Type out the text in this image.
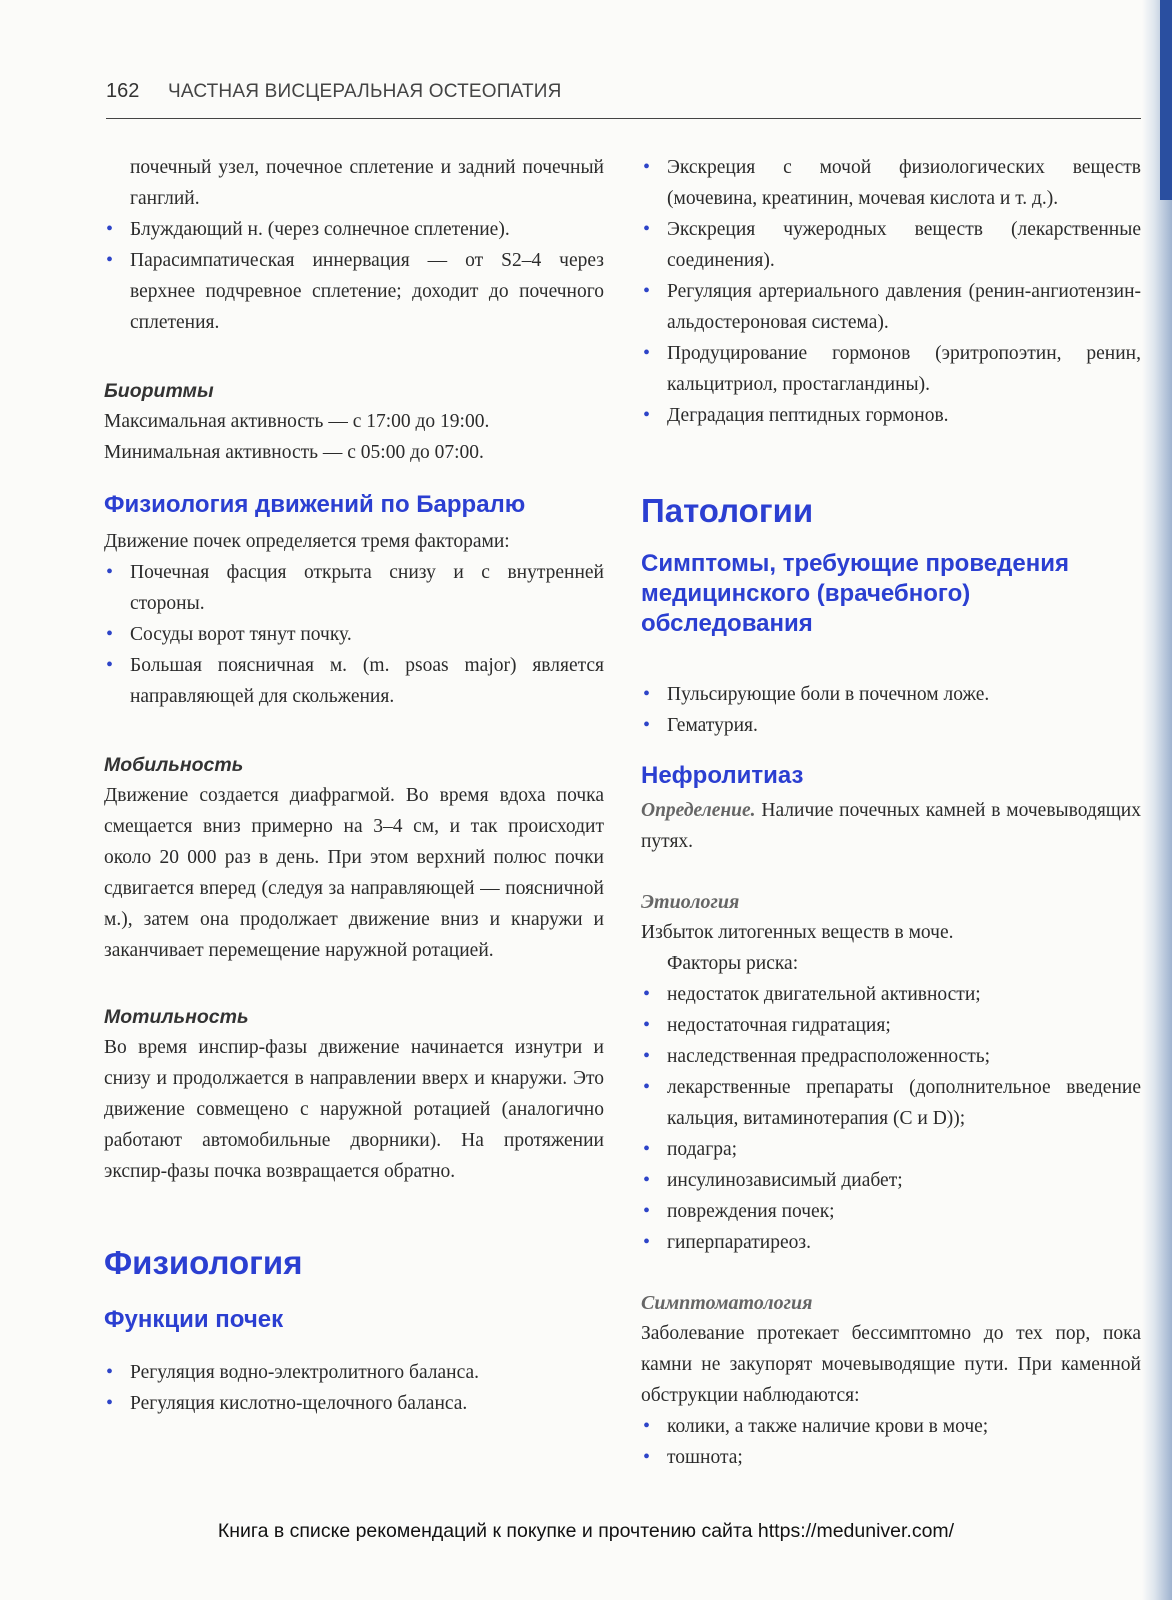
162 ЧАСТНАЯ ВИСЦЕРАЛЬНАЯ ОСТЕОПАТИЯ

почечный узел, почечное сплетение и задний почечный ганглий.

• Блуждающий н. (через солнечное сплетение).
• Парасимпатическая иннервация — от S2–4 через верхнее подчревное сплетение; доходит до почечного сплетения.
Биоритмы

Максимальная активность — с 17:00 до 19:00.

Минимальная активность — с 05:00 до 07:00.

Физиология движений по Барралю

Движение почек определяется тремя факторами:

• Почечная фасция открыта снизу и с внутренней стороны.
• Сосуды ворот тянут почку.
• Большая поясничная м. (m. psoas major) является направляющей для скольжения.
Мобильность

Движение создается диафрагмой. Во время вдоха почка смещается вниз примерно на 3–4 см, и так происходит около 20 000 раз в день. При этом верхний полюс почки сдвигается вперед (следуя за направляющей — поясничной м.), затем она продолжает движение вниз и кнаружи и заканчивает перемещение наружной ротацией.

Мотильность

Во время инспир-фазы движение начинается изнутри и снизу и продолжается в направлении вверх и кнаружи. Это движение совмещено с наружной ротацией (аналогично работают автомобильные дворники). На протяжении экспир-фазы почка возвращается обратно.

Физиология
Функции почек
• Регуляция водно-электролитного баланса.
• Регуляция кислотно-щелочного баланса.
• Экскреция с мочой физиологических веществ (мочевина, креатинин, мочевая кислота и т. д.).
• Экскреция чужеродных веществ (лекарственные соединения).
• Регуляция артериального давления (ренин-ангиотензин-альдостероновая система).
• Продуцирование гормонов (эритропоэтин, ренин, кальцитриол, простагландины).
• Деградация пептидных гормонов.
Патологии
Симптомы, требующие проведения медицинского (врачебного) обследования
• Пульсирующие боли в почечном ложе.
• Гематурия.
Нефролитиаз

Определение. Наличие почечных камней в мочевыводящих путях.

Этиология

Избыток литогенных веществ в моче.

Факторы риска:

• недостаток двигательной активности;
• недостаточная гидратация;
• наследственная предрасположенность;
• лекарственные препараты (дополнительное введение кальция, витаминотерапия (C и D));
• подагра;
• инсулинозависимый диабет;
• повреждения почек;
• гиперпаратиреоз.
Симптоматология

Заболевание протекает бессимптомно до тех пор, пока камни не закупорят мочевыводящие пути. При каменной обструкции наблюдаются:

• колики, а также наличие крови в моче;
• тошнота;
Книга в списке рекомендаций к покупке и прочтению сайта https://meduniver.com/
